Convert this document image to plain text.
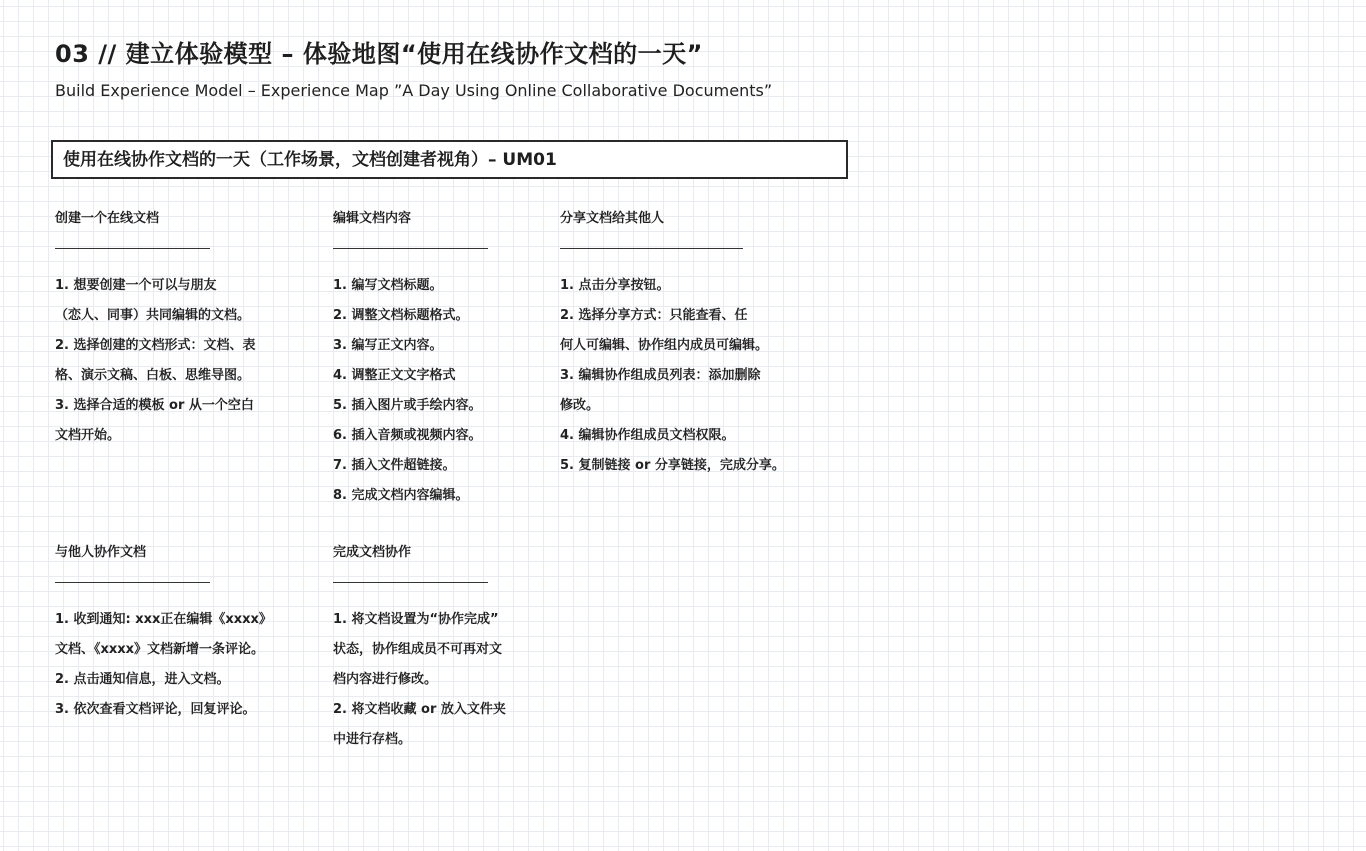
03 // 建立体验模型 – 体验地图“使用在线协作文档的一天”

Build Experience Model – Experience Map ”A Day Using Online Collaborative Documents”

使用在线协作文档的一天（工作场景，文档创建者视角）– UM01
创建一个在线文档
1. 想要创建一个可以与朋友
（恋人、同事）共同编辑的文档。
2. 选择创建的文档形式：文档、表
格、演示文稿、白板、思维导图。
3. 选择合适的模板 or 从一个空白
文档开始。
编辑文档内容
1. 编写文档标题。
2. 调整文档标题格式。
3. 编写正文内容。
4. 调整正文文字格式
5. 插入图片或手绘内容。
6. 插入音频或视频内容。
7. 插入文件超链接。
8. 完成文档内容编辑。
分享文档给其他人
1. 点击分享按钮。
2. 选择分享方式：只能查看、任
何人可编辑、协作组内成员可编辑。
3. 编辑协作组成员列表：添加删除
修改。
4. 编辑协作组成员文档权限。
5. 复制链接 or 分享链接，完成分享。
与他人协作文档
1. 收到通知: xxx正在编辑《xxxx》
文档、《xxxx》文档新增一条评论。
2. 点击通知信息，进入文档。
3. 依次查看文档评论，回复评论。
完成文档协作
1. 将文档设置为“协作完成”
状态，协作组成员不可再对文
档内容进行修改。
2. 将文档收藏 or 放入文件夹
中进行存档。
